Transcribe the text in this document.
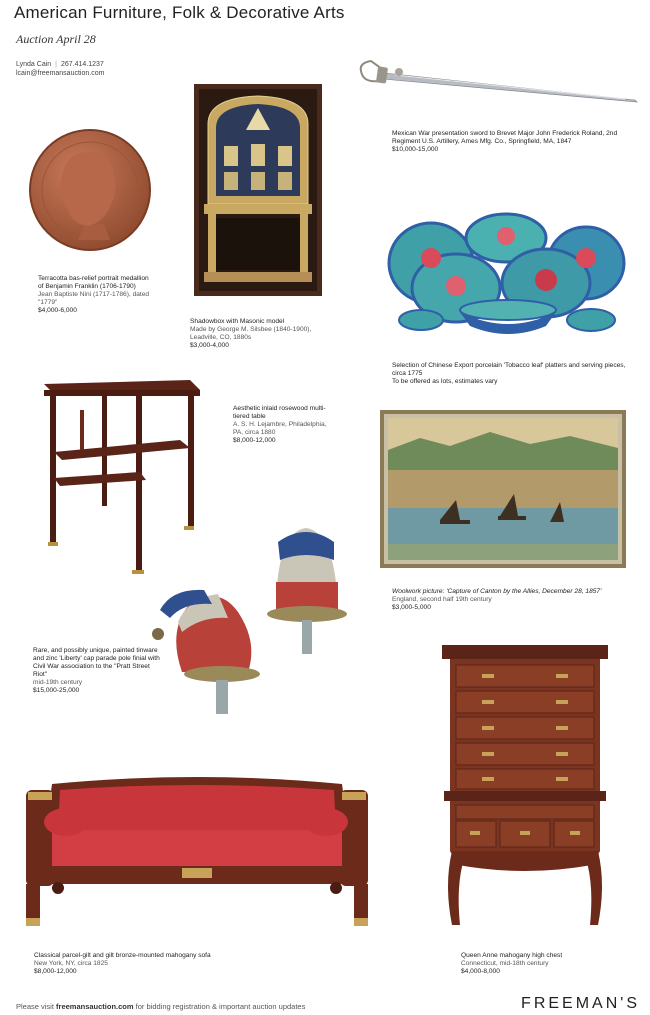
American Furniture, Folk & Decorative Arts
Auction April 28
Lynda Cain | 267.414.1237
lcain@freemansauction.com
Mexican War presentation sword to Brevet Major John Frederick Roland, 2nd Regiment U.S. Artillery, Ames Mfg. Co., Springfield, MA, 1847
$10,000-15,000
Terracotta bas-relief portrait medallion of Benjamin Franklin (1706-1790)
Jean Baptiste Nini (1717-1786), dated "1779"
$4,000-6,000
Shadowbox with Masonic model
Made by George M. Silsbee (1840-1900), Leadville, CO, 1880s
$3,000-4,000
Selection of Chinese Export porcelain 'Tobacco leaf' platters and serving pieces, circa 1775
To be offered as lots, estimates vary
Aesthetic inlaid rosewood multi-tiered table
A. S. H. Lejambre, Philadelphia, PA, circa 1880
$8,000-12,000
Woolwork picture: 'Capture of Canton by the Allies, December 28, 1857'
England, second half 19th century
$3,000-5,000
Rare, and possibly unique, painted tinware and zinc 'Liberty' cap parade pole finial with Civil War association to the "Pratt Street Riot"
mid-19th century
$15,000-25,000
Classical parcel-gilt and gilt bronze-mounted mahogany sofa
New York, NY, circa 1825
$8,000-12,000
Queen Anne mahogany high chest
Connecticut, mid-18th century
$4,000-8,000
Please visit freemansauction.com for bidding registration & important auction updates	FREEMAN'S
